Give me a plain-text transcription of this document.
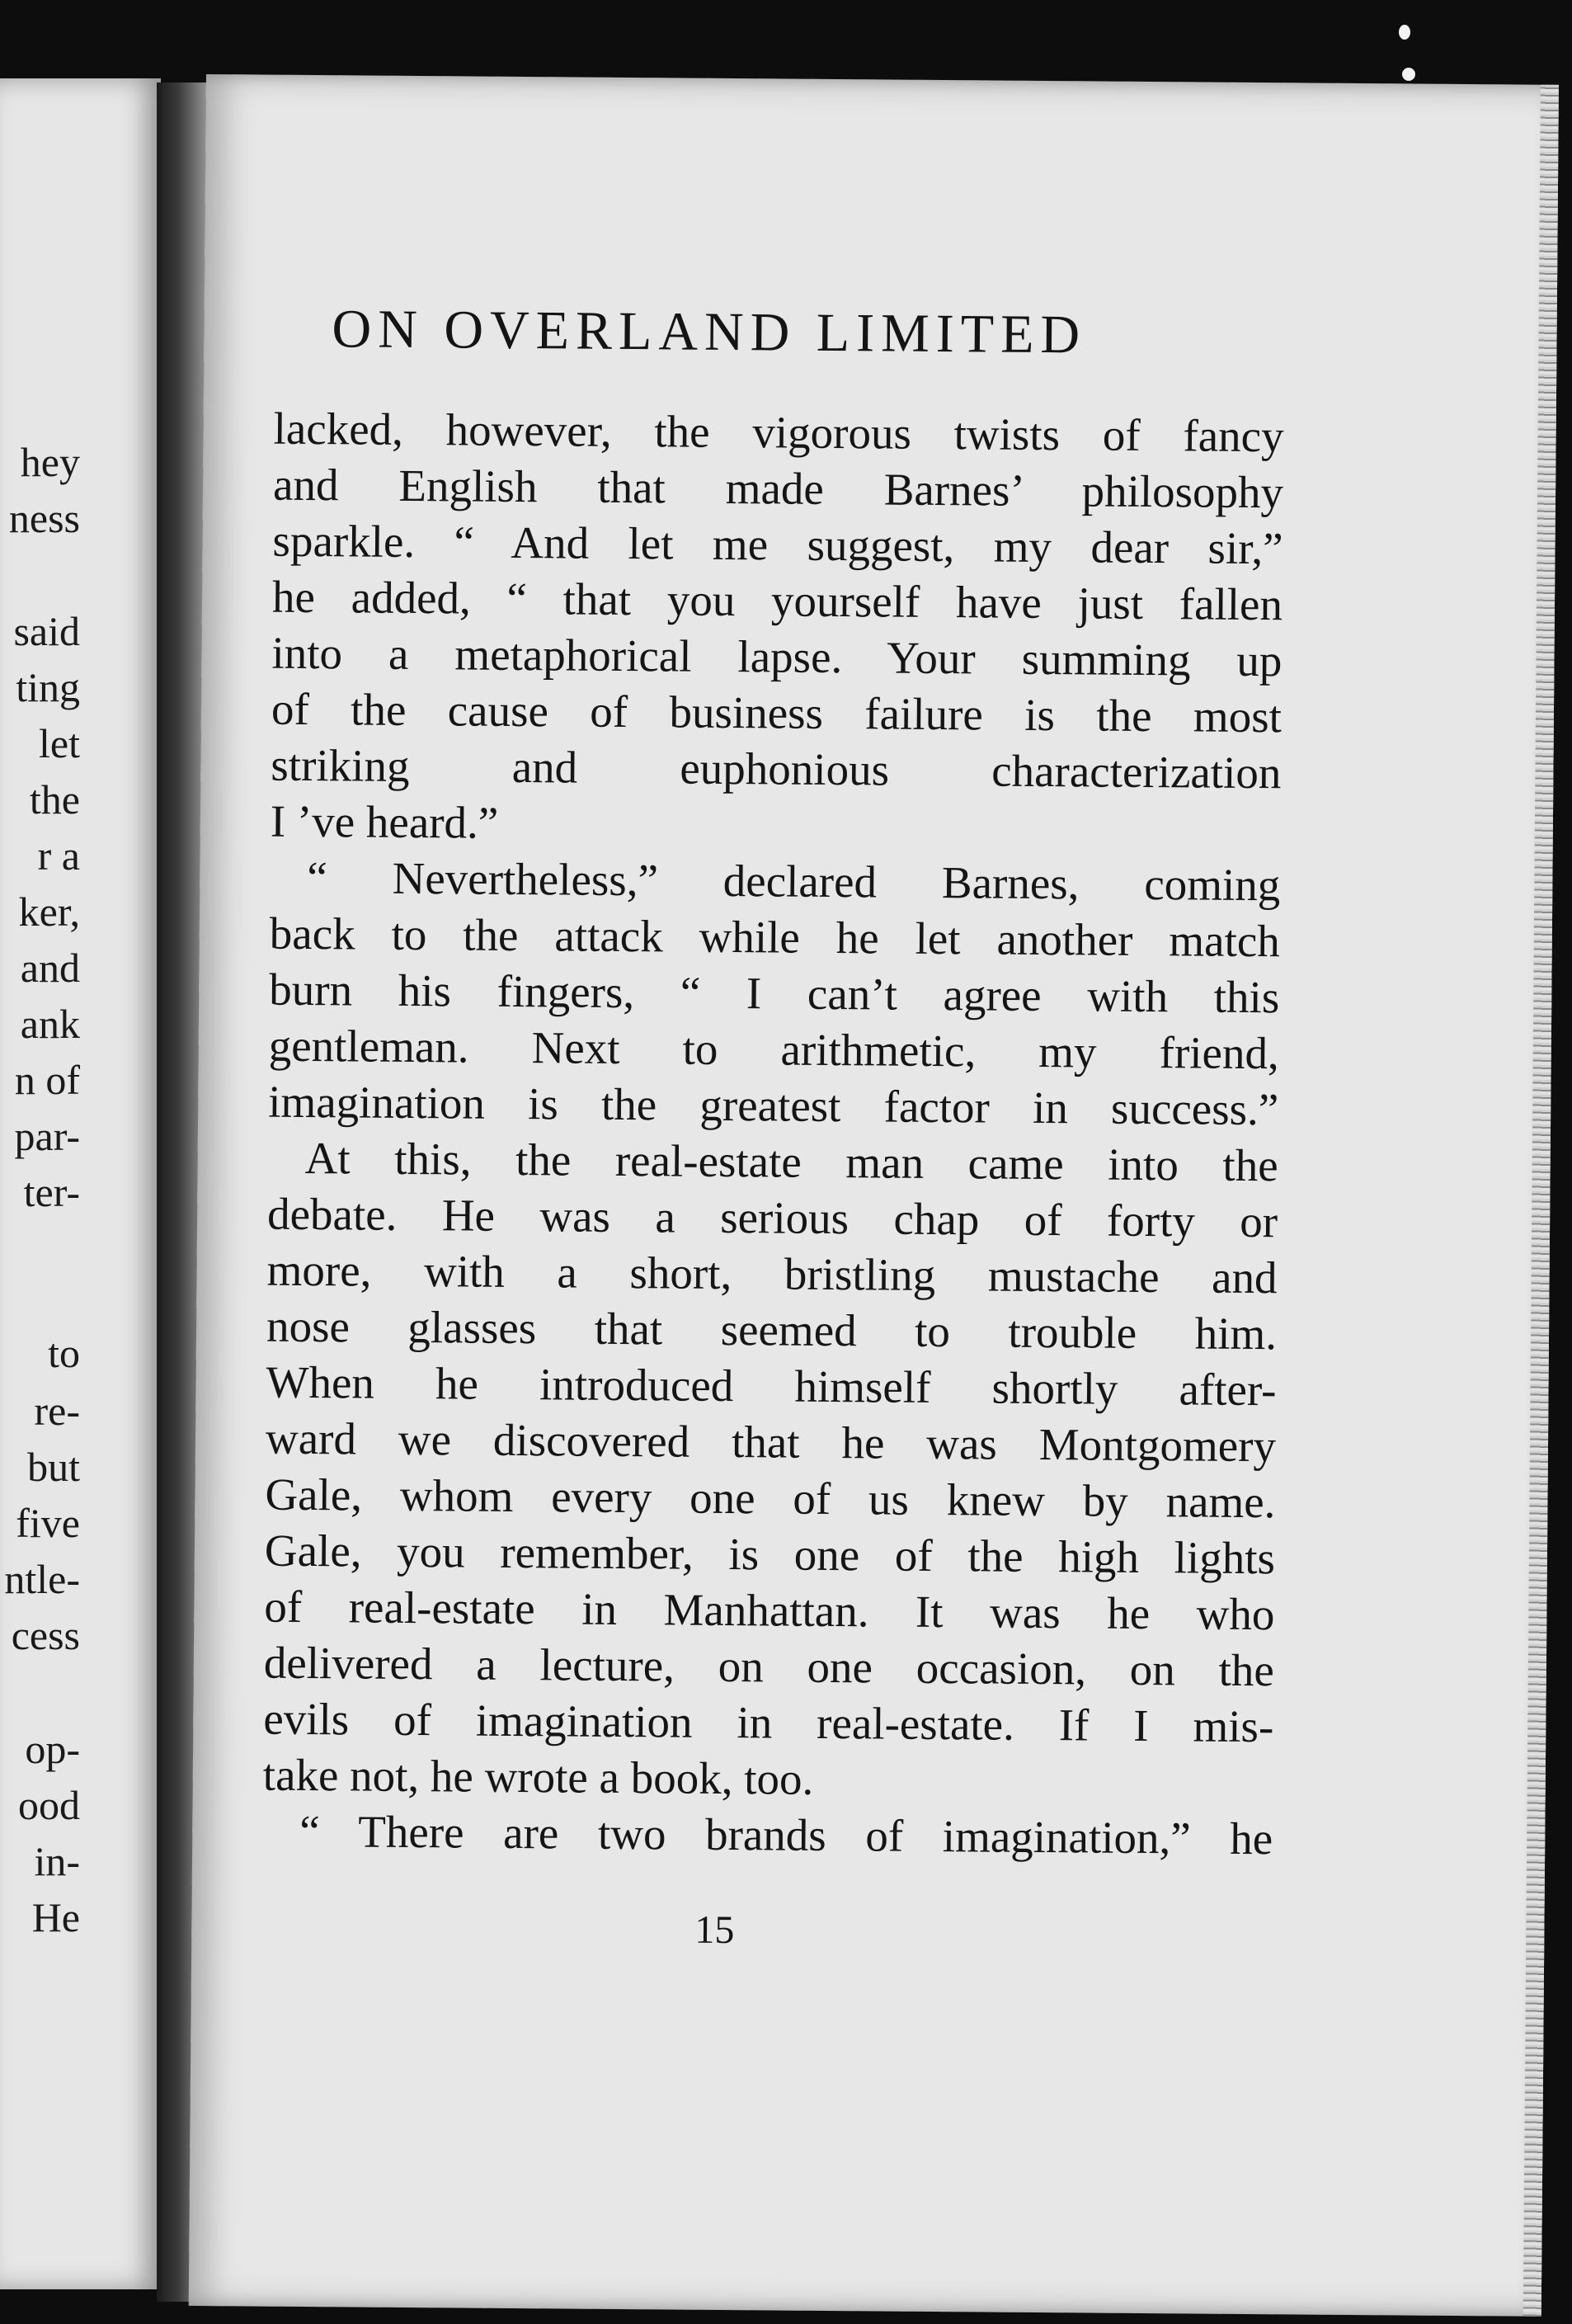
hey
ness
said
ting
let
the
r a
ker,
and
ank
n of
par-
ter-
to
re-
but
five
ntle-
cess
op-
ood
in-
He
ON OVERLAND LIMITED
lacked, however, the vigorous twists of fancy
and English that made Barnes’ philosophy
sparkle. “ And let me suggest, my dear sir,”
he added, “ that you yourself have just fallen
into a metaphorical lapse. Your summing up
of the cause of business failure is the most
striking and euphonious characterization
I ’ve heard.”
“ Nevertheless,” declared Barnes, coming
back to the attack while he let another match
burn his fingers, “ I can’t agree with this
gentleman. Next to arithmetic, my friend,
imagination is the greatest factor in success.”
At this, the real-estate man came into the
debate. He was a serious chap of forty or
more, with a short, bristling mustache and
nose glasses that seemed to trouble him.
When he introduced himself shortly after-
ward we discovered that he was Montgomery
Gale, whom every one of us knew by name.
Gale, you remember, is one of the high lights
of real-estate in Manhattan. It was he who
delivered a lecture, on one occasion, on the
evils of imagination in real-estate. If I mis-
take not, he wrote a book, too.
“ There are two brands of imagination,” he
15
